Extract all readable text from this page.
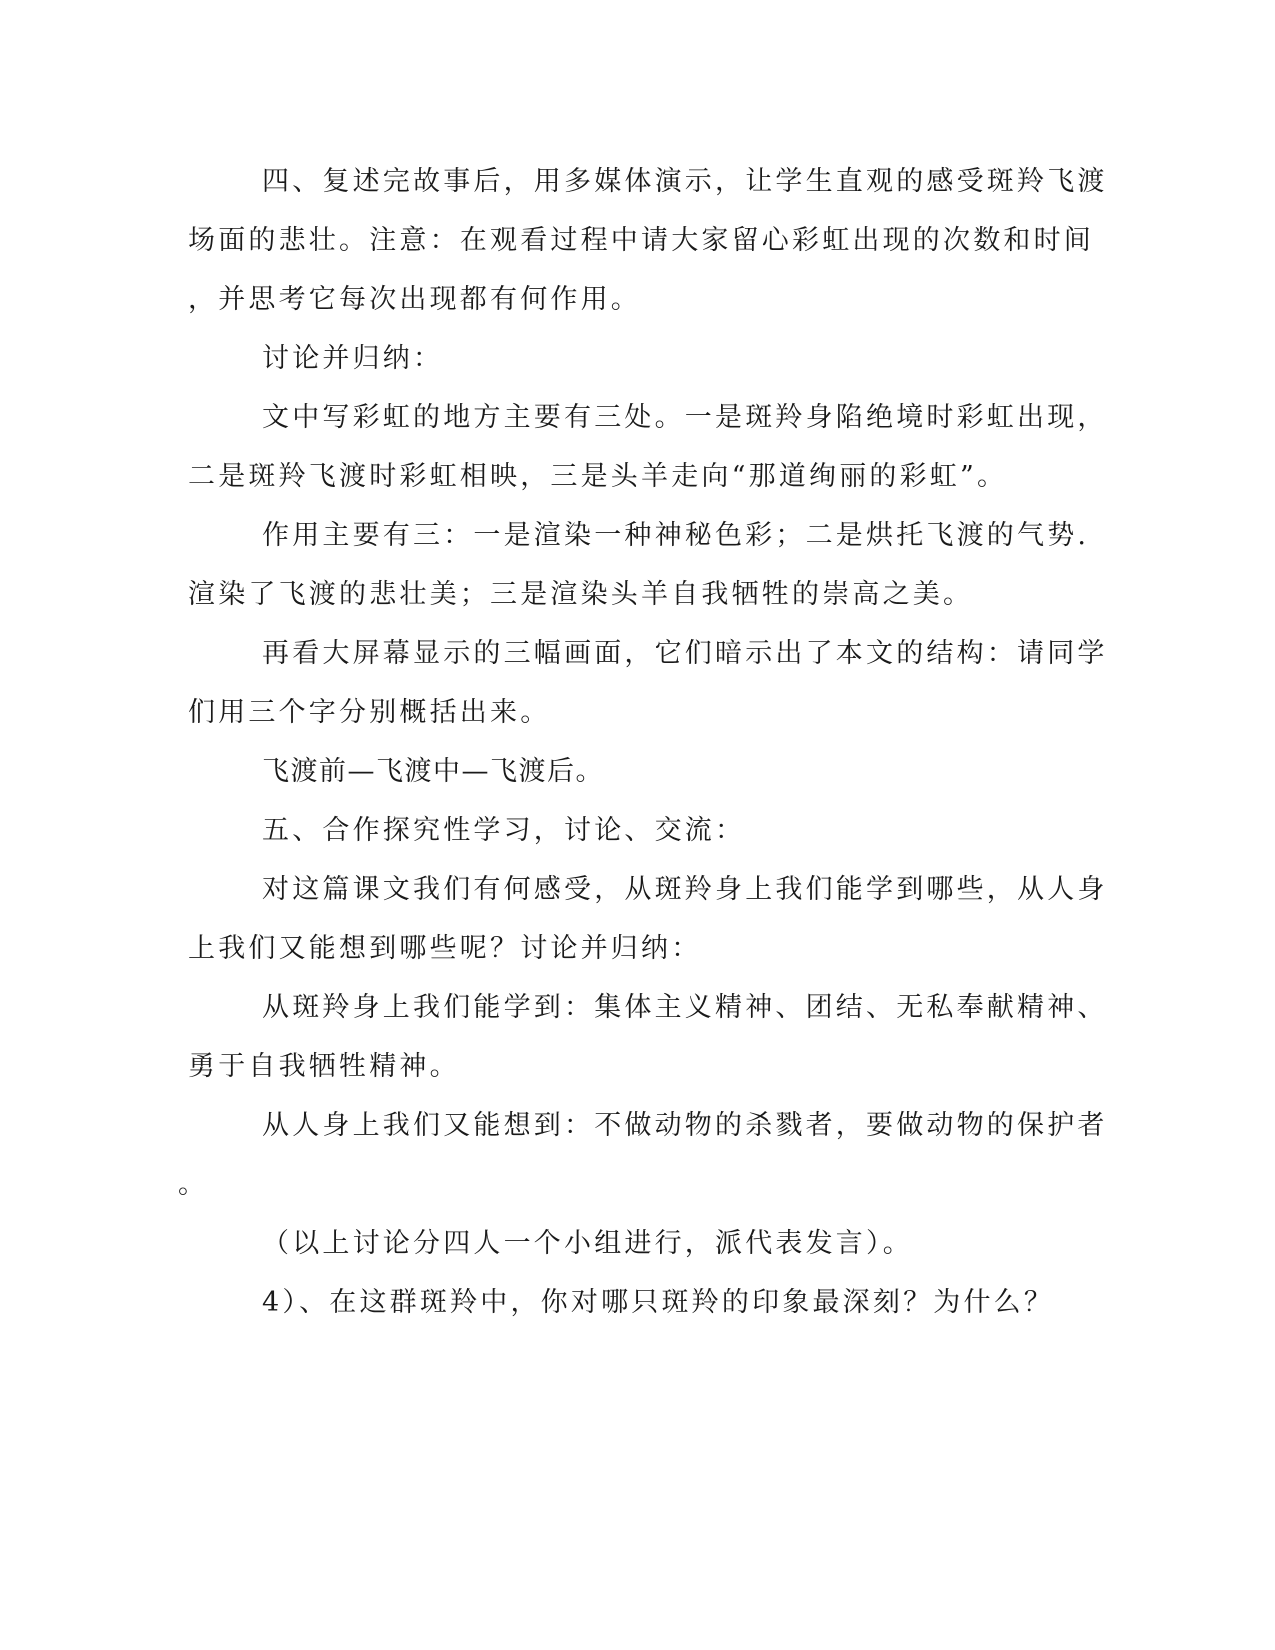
四、复述完故事后，用多媒体演示，让学生直观的感受斑羚飞渡
场面的悲壮。注意：在观看过程中请大家留心彩虹出现的次数和时间
，并思考它每次出现都有何作用。
讨论并归纳：
文中写彩虹的地方主要有三处。一是斑羚身陷绝境时彩虹出现，
二是斑羚飞渡时彩虹相映，三是头羊走向“那道绚丽的彩虹”。
作用主要有三：一是渲染一种神秘色彩；二是烘托飞渡的气势.
渲染了飞渡的悲壮美；三是渲染头羊自我牺牲的崇高之美。
再看大屏幕显示的三幅画面，它们暗示出了本文的结构：请同学
们用三个字分别概括出来。
飞渡前—飞渡中—飞渡后。
五、合作探究性学习，讨论、交流：
对这篇课文我们有何感受，从斑羚身上我们能学到哪些，从人身
上我们又能想到哪些呢？讨论并归纳：
从斑羚身上我们能学到：集体主义精神、团结、无私奉献精神、
勇于自我牺牲精神。
从人身上我们又能想到：不做动物的杀戮者，要做动物的保护者
。
（以上讨论分四人一个小组进行，派代表发言）。
4）、在这群斑羚中，你对哪只斑羚的印象最深刻？为什么？
